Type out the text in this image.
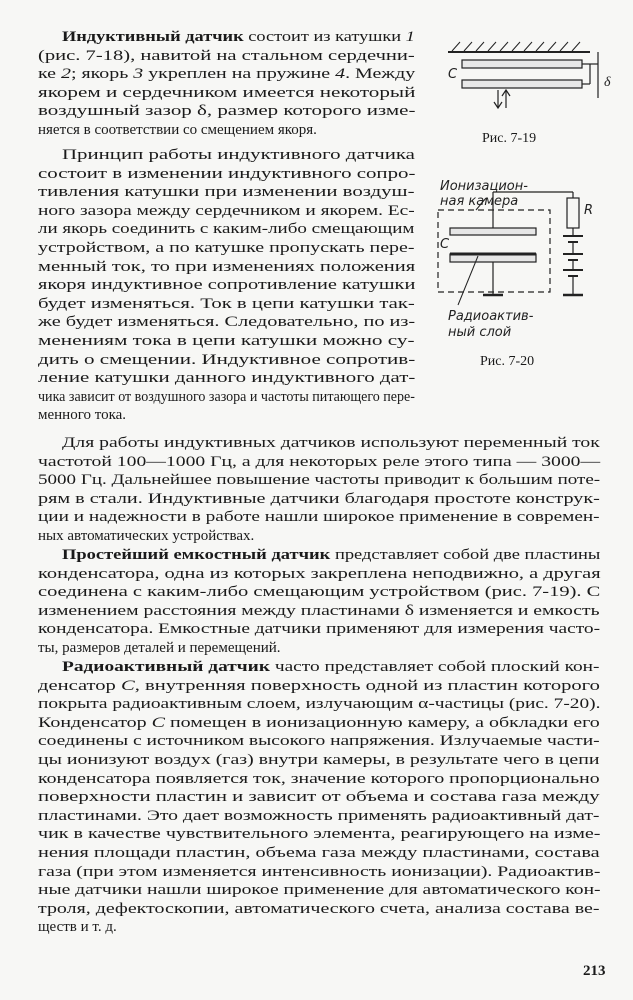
Индуктивный датчик состоит из катушки 1
(рис. 7-18), навитой на стальном сердечни-
ке 2; якорь 3 укреплен на пружине 4. Между
якорем и сердечником имеется некоторый
воздушный зазор δ, размер которого изме-
няется в соответствии со смещением якоря.
Принцип работы индуктивного датчика
состоит в изменении индуктивного сопро-
тивления катушки при изменении воздуш-
ного зазора между сердечником и якорем. Ес-
ли якорь соединить с каким-либо смещающим
устройством, а по катушке пропускать пере-
менный ток, то при изменениях положения
якоря индуктивное сопротивление катушки
будет изменяться. Ток в цепи катушки так-
же будет изменяться. Следовательно, по из-
менениям тока в цепи катушки можно су-
дить о смещении. Индуктивное сопротив-
ление катушки данного индуктивного дат-
чика зависит от воздушного зазора и частоты питающего пере-
менного тока.
Для работы индуктивных датчиков используют переменный ток
частотой 100—1000 Гц, а для некоторых реле этого типа — 3000—
5000 Гц. Дальнейшее повышение частоты приводит к большим поте-
рям в стали. Индуктивные датчики благодаря простоте конструк-
ции и надежности в работе нашли широкое применение в современ-
ных автоматических устройствах.
Простейший емкостный датчик представляет собой две пластины
конденсатора, одна из которых закреплена неподвижно, а другая
соединена с каким-либо смещающим устройством (рис. 7-19). С
изменением расстояния между пластинами δ изменяется и емкость
конденсатора. Емкостные датчики применяют для измерения часто-
ты, размеров деталей и перемещений.
Радиоактивный датчик часто представляет собой плоский кон-
денсатор С, внутренняя поверхность одной из пластин которого
покрыта радиоактивным слоем, излучающим α-частицы (рис. 7-20).
Конденсатор С помещен в ионизационную камеру, а обкладки его
соединены с источником высокого напряжения. Излучаемые части-
цы ионизуют воздух (газ) внутри камеры, в результате чего в цепи
конденсатора появляется ток, значение которого пропорционально
поверхности пластин и зависит от объема и состава газа между
пластинами. Это дает возможность применять радиоактивный дат-
чик в качестве чувствительного элемента, реагирующего на изме-
нения площади пластин, объема газа между пластинами, состава
газа (при этом изменяется интенсивность ионизации). Радиоактив-
ные датчики нашли широкое применение для автоматического кон-
троля, дефектоскопии, автоматического счета, анализа состава ве-
ществ и т. д.
C
δ
Рис. 7-19
Ионизацион-
ная камера
R
C
Радиоактив-
ный слой
Рис. 7-20
213
